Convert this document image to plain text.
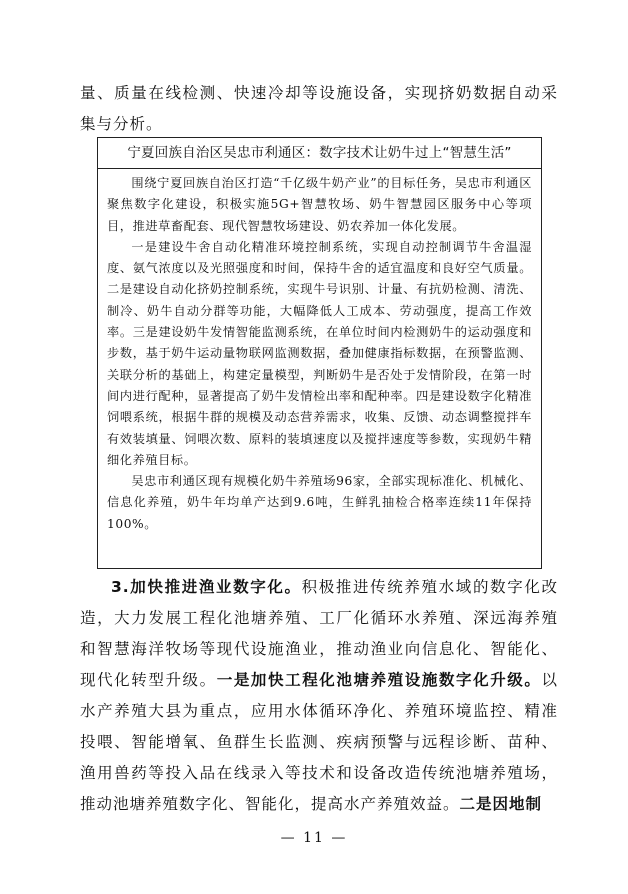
量、质量在线检测、快速冷却等设施设备，实现挤奶数据自动采集与分析。

宁夏回族自治区吴忠市利通区：数字技术让奶牛过上“智慧生活”

围绕宁夏回族自治区打造“千亿级牛奶产业”的目标任务，吴忠市利通区聚焦数字化建设，积极实施5G+智慧牧场、奶牛智慧园区服务中心等项目，推进草畜配套、现代智慧牧场建设、奶农养加一体化发展。

一是建设牛舍自动化精准环境控制系统，实现自动控制调节牛舍温湿度、氨气浓度以及光照强度和时间，保持牛舍的适宜温度和良好空气质量。二是建设自动化挤奶控制系统，实现牛号识别、计量、有抗奶检测、清洗、制冷、奶牛自动分群等功能，大幅降低人工成本、劳动强度，提高工作效率。三是建设奶牛发情智能监测系统，在单位时间内检测奶牛的运动强度和步数，基于奶牛运动量物联网监测数据，叠加健康指标数据，在预警监测、关联分析的基础上，构建定量模型，判断奶牛是否处于发情阶段，在第一时间内进行配种，显著提高了奶牛发情检出率和配种率。四是建设数字化精准饲喂系统，根据牛群的规模及动态营养需求，收集、反馈、动态调整搅拌车有效装填量、饲喂次数、原料的装填速度以及搅拌速度等参数，实现奶牛精细化养殖目标。

吴忠市利通区现有规模化奶牛养殖场96家，全部实现标准化、机械化、信息化养殖，奶牛年均单产达到9.6吨，生鲜乳抽检合格率连续11年保持100%。

3.加快推进渔业数字化。积极推进传统养殖水域的数字化改造，大力发展工程化池塘养殖、工厂化循环水养殖、深远海养殖和智慧海洋牧场等现代设施渔业，推动渔业向信息化、智能化、现代化转型升级。一是加快工程化池塘养殖设施数字化升级。以水产养殖大县为重点，应用水体循环净化、养殖环境监控、精准投喂、智能增氧、鱼群生长监测、疾病预警与远程诊断、苗种、渔用兽药等投入品在线录入等技术和设备改造传统池塘养殖场，推动池塘养殖数字化、智能化，提高水产养殖效益。二是因地制

— 11 —
